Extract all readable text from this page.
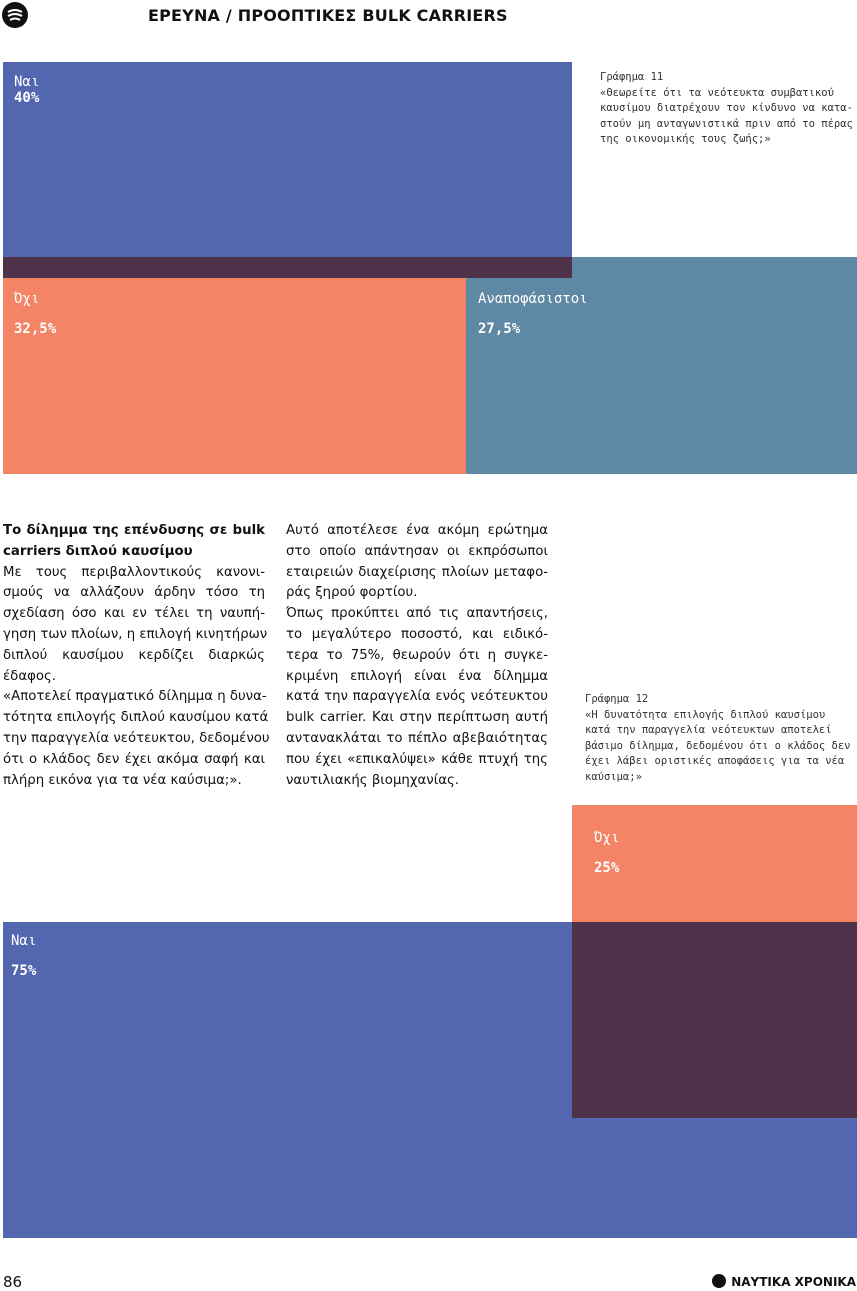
ΕΡΕΥΝΑ / ΠΡΟΟΠΤΙΚΕΣ BULK CARRIERS
Ναι
40%
Όχι
32,5%
Αναποφάσιστοι
27,5%
Γράφημα 11
«Θεωρείτε ότι τα νεότευκτα συμβατικού
καυσίμου διατρέχουν τον κίνδυνο να κατα-
στούν μη ανταγωνιστικά πριν από το πέρας
της οικονομικής τους ζωής;»
Το δίλημμα της επένδυσης σε bulk
carriers διπλού καυσίμου
Με τους περιβαλλοντικούς κανονι-
σμούς να αλλάζουν άρδην τόσο τη
σχεδίαση όσο και εν τέλει τη ναυπή-
γηση των πλοίων, η επιλογή κινητήρων
διπλού καυσίμου κερδίζει διαρκώς
έδαφος.
«Αποτελεί πραγματικό δίλημμα η δυνα-
τότητα επιλογής διπλού καυσίμου κατά
την παραγγελία νεότευκτου, δεδομένου
ότι ο κλάδος δεν έχει ακόμα σαφή και
πλήρη εικόνα για τα νέα καύσιμα;».
Αυτό αποτέλεσε ένα ακόμη ερώτημα
στο οποίο απάντησαν οι εκπρόσωποι
εταιρειών διαχείρισης πλοίων μεταφο-
ράς ξηρού φορτίου.
Όπως προκύπτει από τις απαντήσεις,
το μεγαλύτερο ποσοστό, και ειδικό-
τερα το 75%, θεωρούν ότι η συγκε-
κριμένη επιλογή είναι ένα δίλημμα
κατά την παραγγελία ενός νεότευκτου
bulk carrier. Και στην περίπτωση αυτή
αντανακλάται το πέπλο αβεβαιότητας
που έχει «επικαλύψει» κάθε πτυχή της
ναυτιλιακής βιομηχανίας.
Γράφημα 12
«Η δυνατότητα επιλογής διπλού καυσίμου
κατά την παραγγελία νεότευκτων αποτελεί
βάσιμο δίλημμα, δεδομένου ότι ο κλάδος δεν
έχει λάβει οριστικές αποφάσεις για τα νέα
καύσιμα;»
Όχι
25%
Ναι
75%
86	ΝΑΥΤΙΚΑ ΧΡΟΝΙΚΑ
